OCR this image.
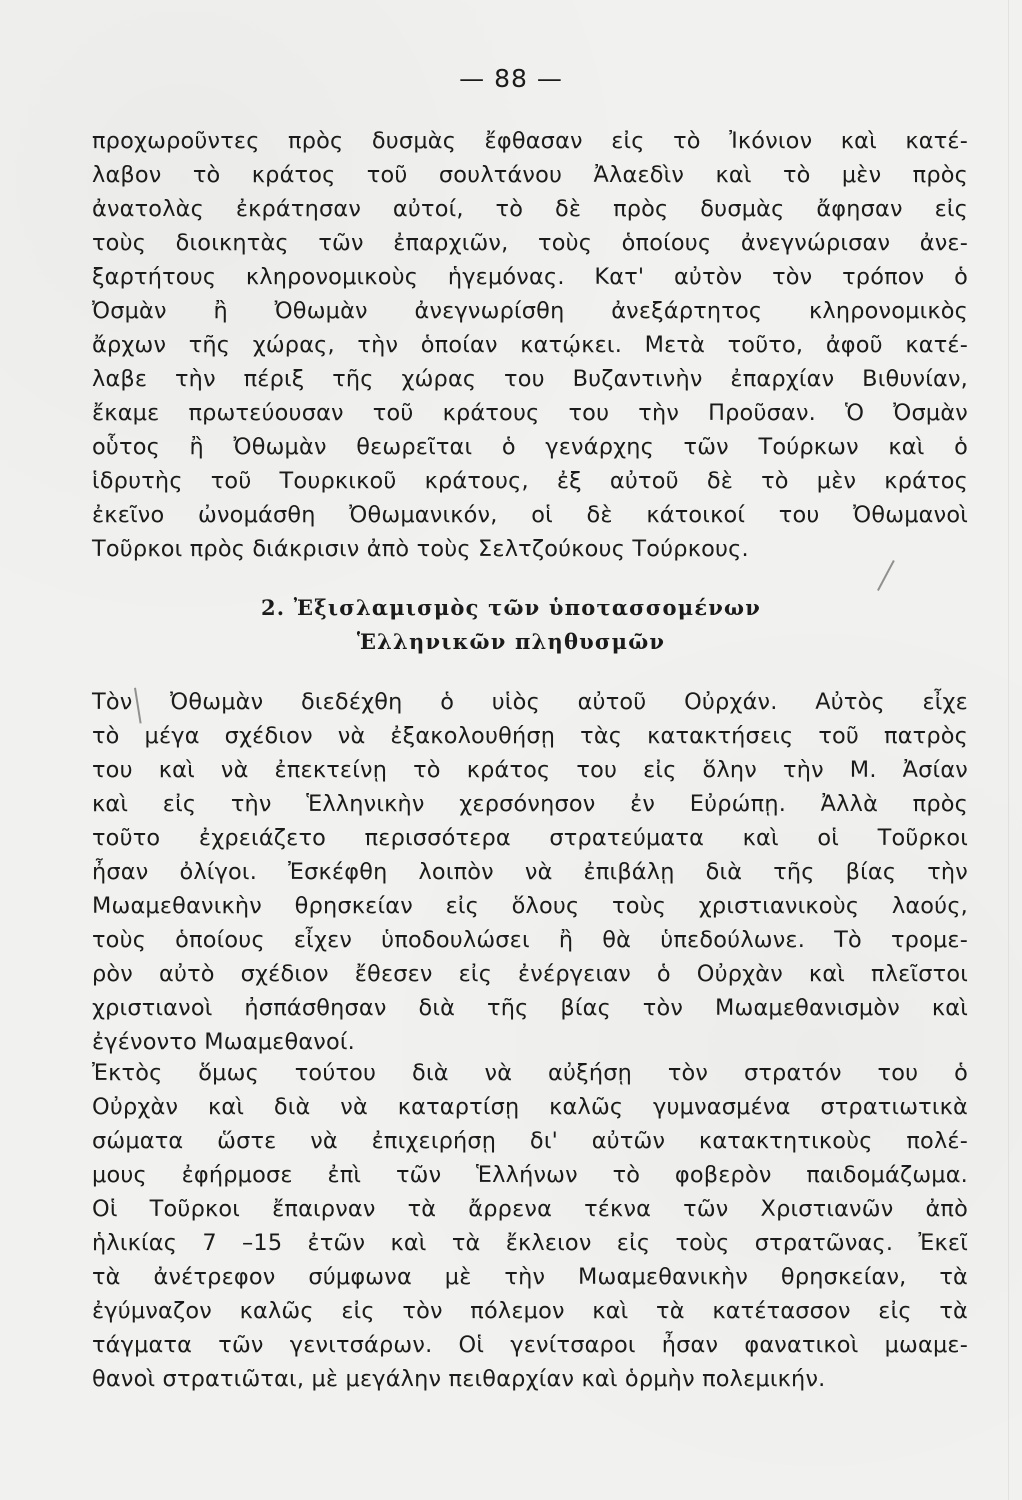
— 88 —
προχωροῦντες πρὸς δυσμὰς ἔφθασαν εἰς τὸ Ἰκόνιον καὶ κατέ-
λαβον τὸ κράτος τοῦ σουλτάνου Ἀλαεδὶν καὶ τὸ μὲν πρὸς
ἀνατολὰς ἐκράτησαν αὐτοί, τὸ δὲ πρὸς δυσμὰς ἄφησαν εἰς
τοὺς διοικητὰς τῶν ἐπαρχιῶν, τοὺς ὁποίους ἀνεγνώρισαν ἀνε-
ξαρτήτους κληρονομικοὺς ἡγεμόνας. Κατ' αὐτὸν τὸν τρόπον ὁ
Ὀσμὰν ἢ Ὀθωμὰν ἀνεγνωρίσθη ἀνεξάρτητος κληρονομικὸς
ἄρχων τῆς χώρας, τὴν ὁποίαν κατῴκει. Μετὰ τοῦτο, ἀφοῦ κατέ-
λαβε τὴν πέριξ τῆς χώρας του Βυζαντινὴν ἐπαρχίαν Βιθυνίαν,
ἔκαμε πρωτεύουσαν τοῦ κράτους του τὴν Προῦσαν. Ὁ Ὀσμὰν
οὗτος ἢ Ὀθωμὰν θεωρεῖται ὁ γενάρχης τῶν Τούρκων καὶ ὁ
ἱδρυτὴς τοῦ Τουρκικοῦ κράτους, ἐξ αὐτοῦ δὲ τὸ μὲν κράτος
ἐκεῖνο ὠνομάσθη Ὀθωμανικόν, οἱ δὲ κάτοικοί του Ὀθωμανοὶ
Τοῦρκοι πρὸς διάκρισιν ἀπὸ τοὺς Σελτζούκους Τούρκους.
2. Ἐξισλαμισμὸς τῶν ὑποτασσομένων
Ἑλληνικῶν πληθυσμῶν
Τὸν Ὀθωμὰν διεδέχθη ὁ υἱὸς αὐτοῦ Οὐρχάν. Αὐτὸς εἶχε
τὸ μέγα σχέδιον νὰ ἐξακολουθήσῃ τὰς κατακτήσεις τοῦ πατρὸς
του καὶ νὰ ἐπεκτείνῃ τὸ κράτος του εἰς ὅλην τὴν Μ. Ἀσίαν
καὶ εἰς τὴν Ἑλληνικὴν χερσόνησον ἐν Εὐρώπῃ. Ἀλλὰ πρὸς
τοῦτο ἐχρειάζετο περισσότερα στρατεύματα καὶ οἱ Τοῦρκοι
ἦσαν ὀλίγοι. Ἐσκέφθη λοιπὸν νὰ ἐπιβάλῃ διὰ τῆς βίας τὴν
Μωαμεθανικὴν θρησκείαν εἰς ὅλους τοὺς χριστιανικοὺς λαούς,
τοὺς ὁποίους εἶχεν ὑποδουλώσει ἢ θὰ ὑπεδούλωνε. Τὸ τρομε-
ρὸν αὐτὸ σχέδιον ἔθεσεν εἰς ἐνέργειαν ὁ Οὐρχὰν καὶ πλεῖστοι
χριστιανοὶ ἠσπάσθησαν διὰ τῆς βίας τὸν Μωαμεθανισμὸν καὶ
ἐγένοντο Μωαμεθανοί.
Ἐκτὸς ὅμως τούτου διὰ νὰ αὐξήσῃ τὸν στρατόν του ὁ
Οὐρχὰν καὶ διὰ νὰ καταρτίσῃ καλῶς γυμνασμένα στρατιωτικὰ
σώματα ὥστε νὰ ἐπιχειρήσῃ δι' αὐτῶν κατακτητικοὺς πολέ-
μους ἐφήρμοσε ἐπὶ τῶν Ἑλλήνων τὸ φοβερὸν παιδομάζωμα.
Οἱ Τοῦρκοι ἔπαιρναν τὰ ἄρρενα τέκνα τῶν Χριστιανῶν ἀπὸ
ἡλικίας 7 –15 ἐτῶν καὶ τὰ ἔκλειον εἰς τοὺς στρατῶνας. Ἐκεῖ
τὰ ἀνέτρεφον σύμφωνα μὲ τὴν Μωαμεθανικὴν θρησκείαν, τὰ
ἐγύμναζον καλῶς εἰς τὸν πόλεμον καὶ τὰ κατέτασσον εἰς τὰ
τάγματα τῶν γενιτσάρων. Οἱ γενίτσαροι ἦσαν φανατικοὶ μωαμε-
θανοὶ στρατιῶται, μὲ μεγάλην πειθαρχίαν καὶ ὁρμὴν πολεμικήν.
